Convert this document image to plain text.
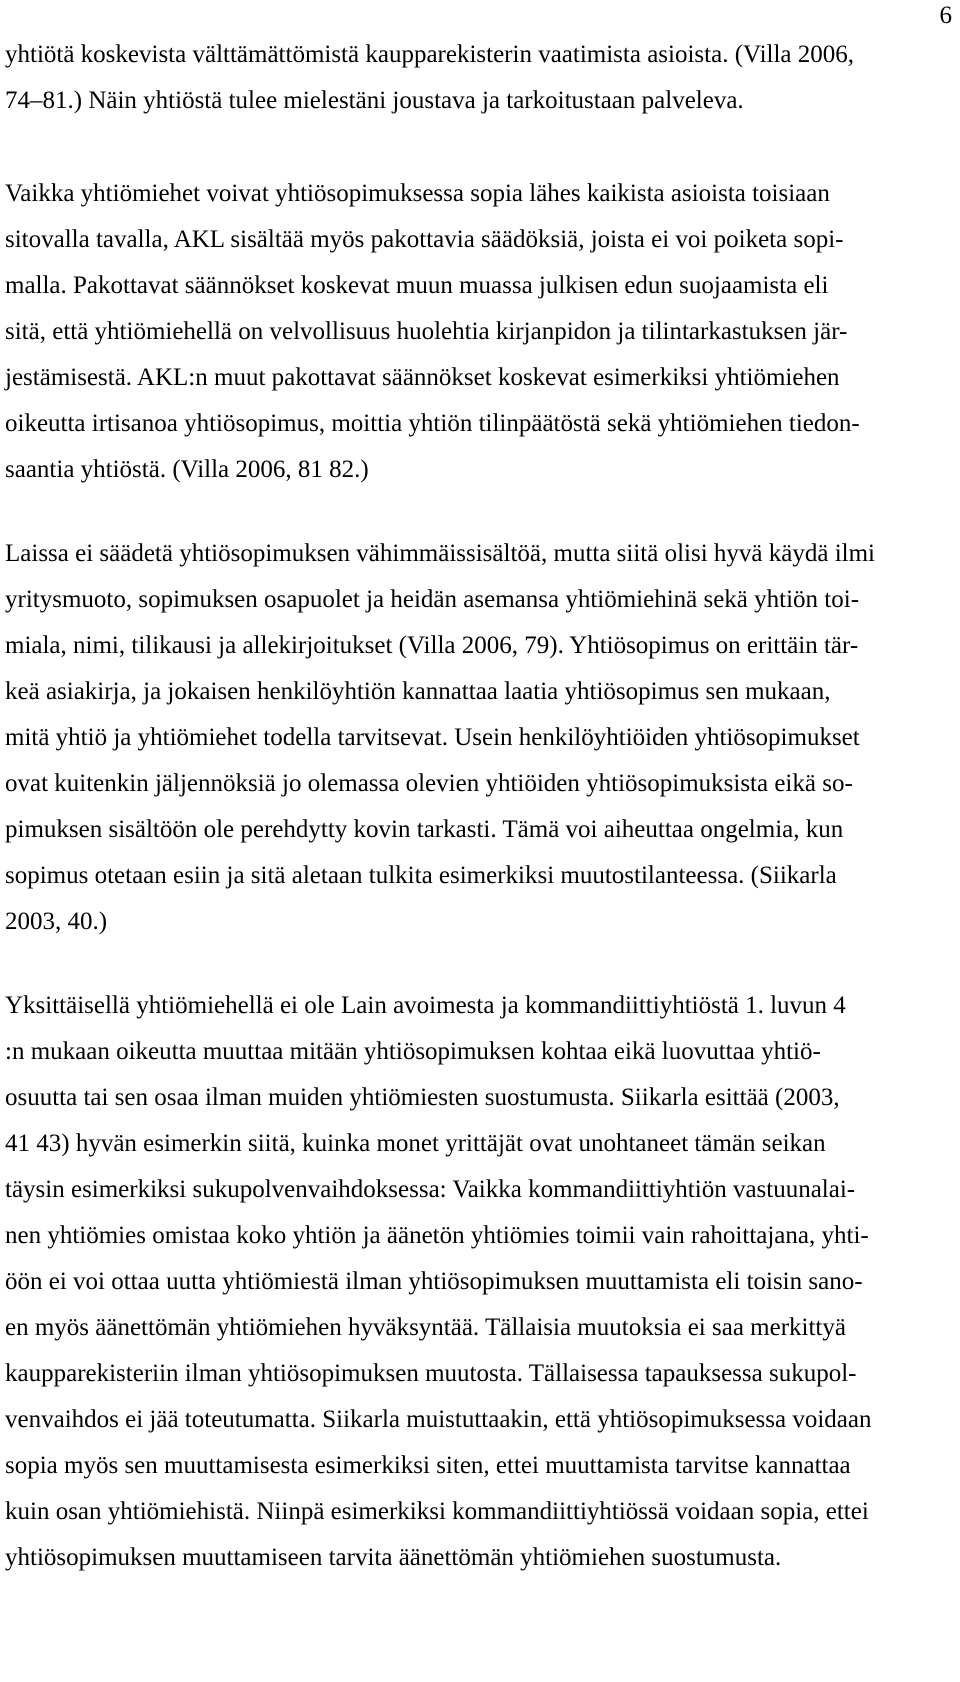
6
yhtiötä koskevista välttämättömistä kaupparekisterin vaatimista asioista. (Villa 2006,
74–81.) Näin yhtiöstä tulee mielestäni joustava ja tarkoitustaan palveleva.
Vaikka yhtiömiehet voivat yhtiösopimuksessa sopia lähes kaikista asioista toisiaan
sitovalla tavalla, AKL sisältää myös pakottavia säädöksiä, joista ei voi poiketa sopi-
malla. Pakottavat säännökset koskevat muun muassa julkisen edun suojaamista eli
sitä, että yhtiömiehellä on velvollisuus huolehtia kirjanpidon ja tilintarkastuksen jär-
jestämisestä. AKL:n muut pakottavat säännökset koskevat esimerkiksi yhtiömiehen
oikeutta irtisanoa yhtiösopimus, moittia yhtiön tilinpäätöstä sekä yhtiömiehen tiedon-
saantia yhtiöstä. (Villa 2006, 81 82.)
Laissa ei säädetä yhtiösopimuksen vähimmäissisältöä, mutta siitä olisi hyvä käydä ilmi
yritysmuoto, sopimuksen osapuolet ja heidän asemansa yhtiömiehinä sekä yhtiön toi-
miala, nimi, tilikausi ja allekirjoitukset (Villa 2006, 79). Yhtiösopimus on erittäin tär-
keä asiakirja, ja jokaisen henkilöyhtiön kannattaa laatia yhtiösopimus sen mukaan,
mitä yhtiö ja yhtiömiehet todella tarvitsevat. Usein henkilöyhtiöiden yhtiösopimukset
ovat kuitenkin jäljennöksiä jo olemassa olevien yhtiöiden yhtiösopimuksista eikä so-
pimuksen sisältöön ole perehdytty kovin tarkasti. Tämä voi aiheuttaa ongelmia, kun
sopimus otetaan esiin ja sitä aletaan tulkita esimerkiksi muutostilanteessa. (Siikarla
2003, 40.)
Yksittäisellä yhtiömiehellä ei ole Lain avoimesta ja kommandiittiyhtiöstä 1. luvun 4
:n mukaan oikeutta muuttaa mitään yhtiösopimuksen kohtaa eikä luovuttaa yhtiö-
osuutta tai sen osaa ilman muiden yhtiömiesten suostumusta. Siikarla esittää (2003,
41 43) hyvän esimerkin siitä, kuinka monet yrittäjät ovat unohtaneet tämän seikan
täysin esimerkiksi sukupolvenvaihdoksessa: Vaikka kommandiittiyhtiön vastuunalai-
nen yhtiömies omistaa koko yhtiön ja äänetön yhtiömies toimii vain rahoittajana, yhti-
öön ei voi ottaa uutta yhtiömiestä ilman yhtiösopimuksen muuttamista eli toisin sano-
en myös äänettömän yhtiömiehen hyväksyntää. Tällaisia muutoksia ei saa merkittyä
kaupparekisteriin ilman yhtiösopimuksen muutosta. Tällaisessa tapauksessa sukupol-
venvaihdos ei jää toteutumatta. Siikarla muistuttaakin, että yhtiösopimuksessa voidaan
sopia myös sen muuttamisesta esimerkiksi siten, ettei muuttamista tarvitse kannattaa
kuin osan yhtiömiehistä. Niinpä esimerkiksi kommandiittiyhtiössä voidaan sopia, ettei
yhtiösopimuksen muuttamiseen tarvita äänettömän yhtiömiehen suostumusta.
